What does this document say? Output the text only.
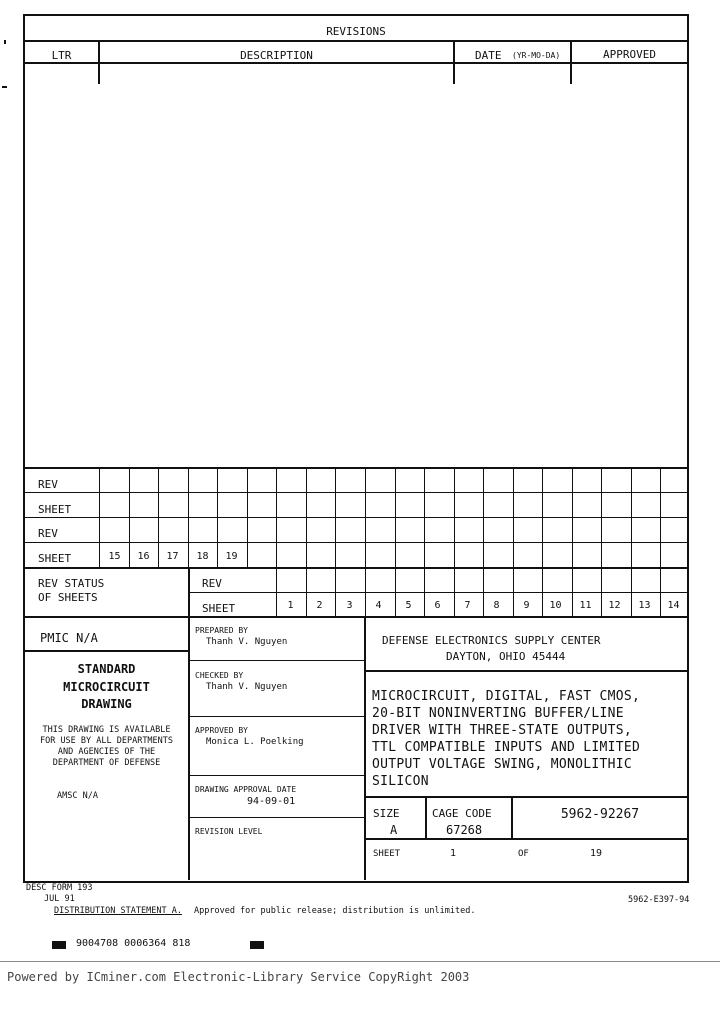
REVISIONS
LTR	DESCRIPTION	DATE (YR-MO-DA)	APPROVED
REV
SHEET
REV
SHEET	15	16	17	18	19
REV STATUS
OF SHEETS
REV
SHEET	1	2	3	4	5	6	7	8	9	10	11	12	13	14
PMIC N/A
STANDARD
MICROCIRCUIT
DRAWING
THIS DRAWING IS AVAILABLE
FOR USE BY ALL DEPARTMENTS
AND AGENCIES OF THE
DEPARTMENT OF DEFENSE
AMSC N/A
PREPARED BY
Thanh V. Nguyen
CHECKED BY
Thanh V. Nguyen
APPROVED BY
Monica L. Poelking
DRAWING APPROVAL DATE
94-09-01
REVISION LEVEL
DEFENSE ELECTRONICS SUPPLY CENTER
DAYTON, OHIO 45444
MICROCIRCUIT, DIGITAL, FAST CMOS,
20-BIT NONINVERTING BUFFER/LINE
DRIVER WITH THREE-STATE OUTPUTS,
TTL COMPATIBLE INPUTS AND LIMITED
OUTPUT VOLTAGE SWING, MONOLITHIC
SILICON
SIZE
A
CAGE CODE
67268
5962-92267
SHEET	1	OF	19
DESC FORM 193
JUL 91	5962-E397-94
DISTRIBUTION STATEMENT A. Approved for public release; distribution is unlimited.
9004708 0006364 818
Powered by ICminer.com Electronic-Library Service CopyRight 2003
